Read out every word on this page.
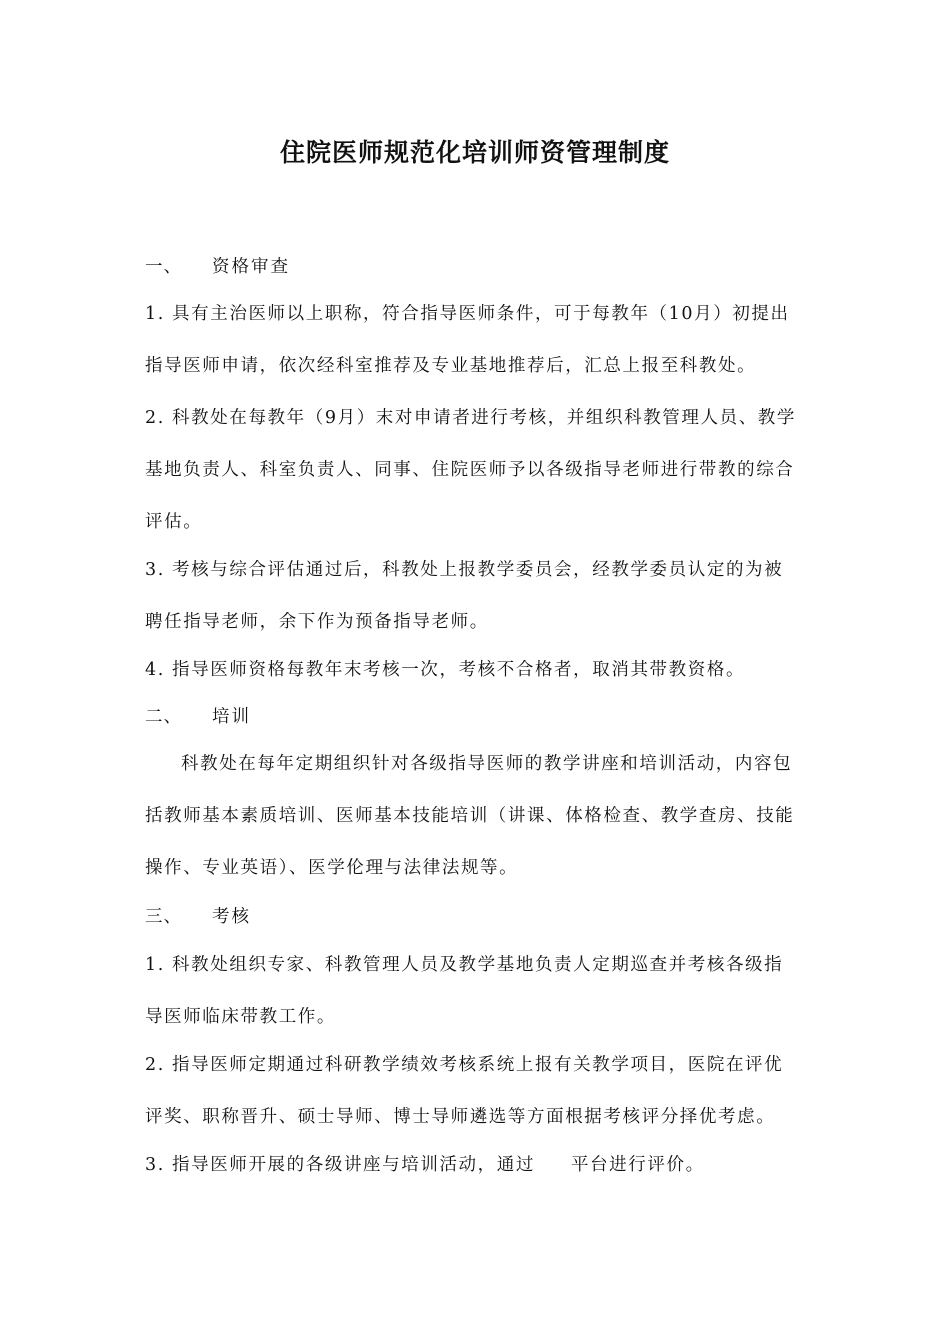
住院医师规范化培训师资管理制度
一、 资格审查
1. 具有主治医师以上职称，符合指导医师条件，可于每教年（10月）初提出
指导医师申请，依次经科室推荐及专业基地推荐后，汇总上报至科教处。
2. 科教处在每教年（9月）末对申请者进行考核，并组织科教管理人员、教学
基地负责人、科室负责人、同事、住院医师予以各级指导老师进行带教的综合
评估。
3. 考核与综合评估通过后，科教处上报教学委员会，经教学委员认定的为被
聘任指导老师，余下作为预备指导老师。
4. 指导医师资格每教年末考核一次，考核不合格者，取消其带教资格。
二、 培训
科教处在每年定期组织针对各级指导医师的教学讲座和培训活动，内容包
括教师基本素质培训、医师基本技能培训（讲课、体格检查、教学查房、技能
操作、专业英语）、医学伦理与法律法规等。
三、 考核
1. 科教处组织专家、科教管理人员及教学基地负责人定期巡查并考核各级指
导医师临床带教工作。
2. 指导医师定期通过科研教学绩效考核系统上报有关教学项目，医院在评优
评奖、职称晋升、硕士导师、博士导师遴选等方面根据考核评分择优考虑。
3. 指导医师开展的各级讲座与培训活动，通过 平台进行评价。
